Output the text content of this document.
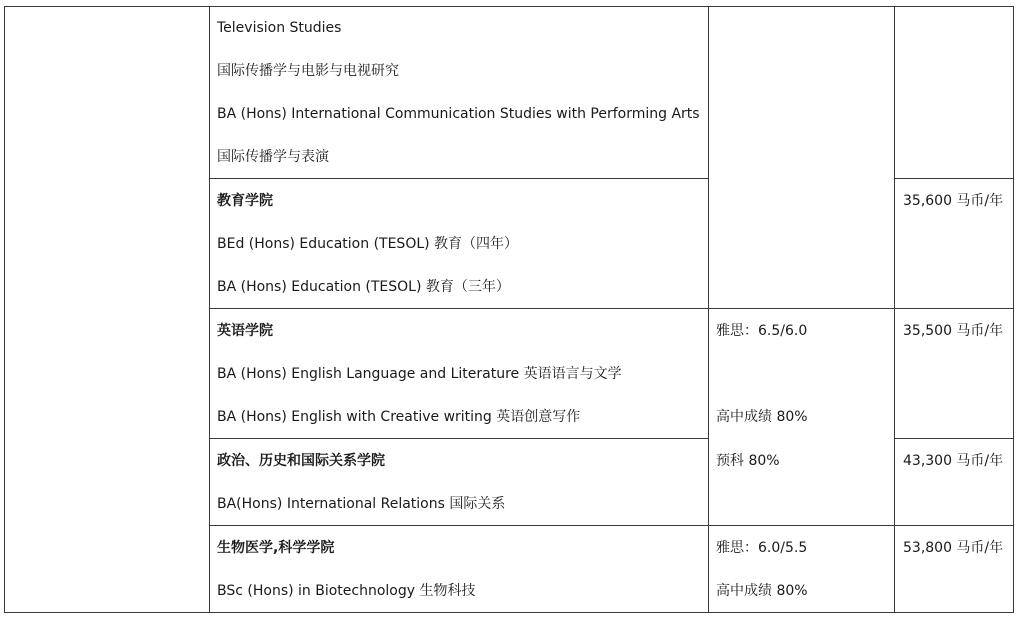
Television Studies
国际传播学与电影与电视研究
BA (Hons) International Communication Studies with Performing Arts
国际传播学与表演
教育学院
BEd (Hons) Education (TESOL) 教育（四年）
BA (Hons) Education (TESOL) 教育（三年）
英语学院
BA (Hons) English Language and Literature 英语语言与文学
BA (Hons) English with Creative writing 英语创意写作
政治、历史和国际关系学院
BA(Hons) International Relations 国际关系
生物医学,科学学院
BSc (Hons) in Biotechnology 生物科技
雅思：6.5/6.0
高中成绩 80%
预科 80%
雅思：6.0/5.5
高中成绩 80%
35,600 马币/年
35,500 马币/年
43,300 马币/年
53,800 马币/年
